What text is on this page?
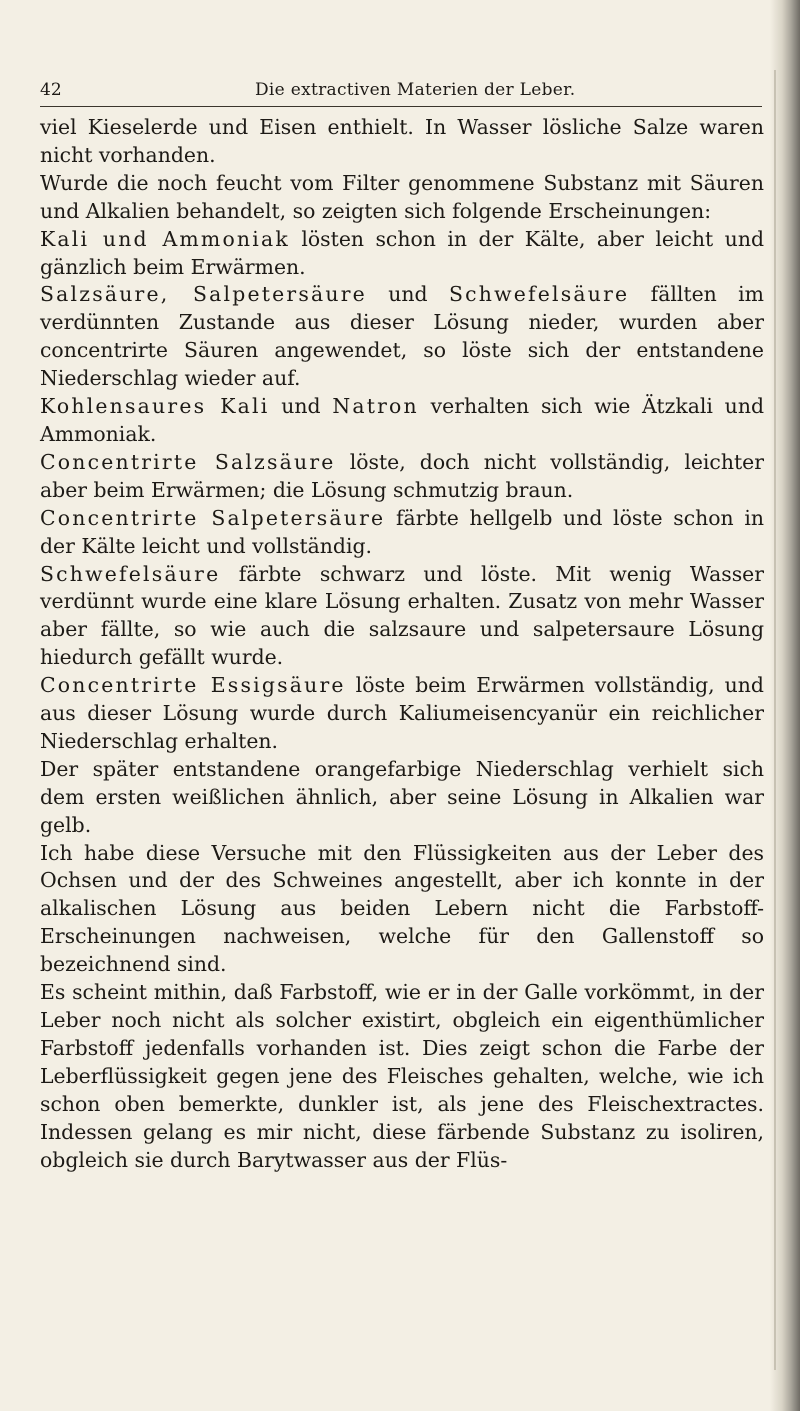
42	Die extractiven Materien der Leber.

viel Kieselerde und Eisen enthielt. In Wasser lösliche Salze waren nicht vorhanden.

Wurde die noch feucht vom Filter genommene Substanz mit Säuren und Alkalien behandelt, so zeigten sich folgende Erscheinungen:

Kali und Ammoniak lösten schon in der Kälte, aber leicht und gänzlich beim Erwärmen.

Salzsäure, Salpetersäure und Schwefelsäure fällten im verdünnten Zustande aus dieser Lösung nieder, wurden aber concentrirte Säuren angewendet, so löste sich der entstandene Niederschlag wieder auf.

Kohlensaures Kali und Natron verhalten sich wie Ätzkali und Ammoniak.

Concentrirte Salzsäure löste, doch nicht vollständig, leichter aber beim Erwärmen; die Lösung schmutzig braun.

Concentrirte Salpetersäure färbte hellgelb und löste schon in der Kälte leicht und vollständig.

Schwefelsäure färbte schwarz und löste. Mit wenig Wasser verdünnt wurde eine klare Lösung erhalten. Zusatz von mehr Wasser aber fällte, so wie auch die salzsaure und salpetersaure Lösung hiedurch gefällt wurde.

Concentrirte Essigsäure löste beim Erwärmen vollständig, und aus dieser Lösung wurde durch Kaliumeisencyanür ein reichlicher Niederschlag erhalten.

Der später entstandene orangefarbige Niederschlag verhielt sich dem ersten weißlichen ähnlich, aber seine Lösung in Alkalien war gelb.

Ich habe diese Versuche mit den Flüssigkeiten aus der Leber des Ochsen und der des Schweines angestellt, aber ich konnte in der alkalischen Lösung aus beiden Lebern nicht die Farbstoff-Erscheinungen nachweisen, welche für den Gallenstoff so bezeichnend sind.

Es scheint mithin, daß Farbstoff, wie er in der Galle vorkömmt, in der Leber noch nicht als solcher existirt, obgleich ein eigenthümlicher Farbstoff jedenfalls vorhanden ist. Dies zeigt schon die Farbe der Leberflüssigkeit gegen jene des Fleisches gehalten, welche, wie ich schon oben bemerkte, dunkler ist, als jene des Fleischextractes. Indessen gelang es mir nicht, diese färbende Substanz zu isoliren, obgleich sie durch Barytwasser aus der Flüs-
